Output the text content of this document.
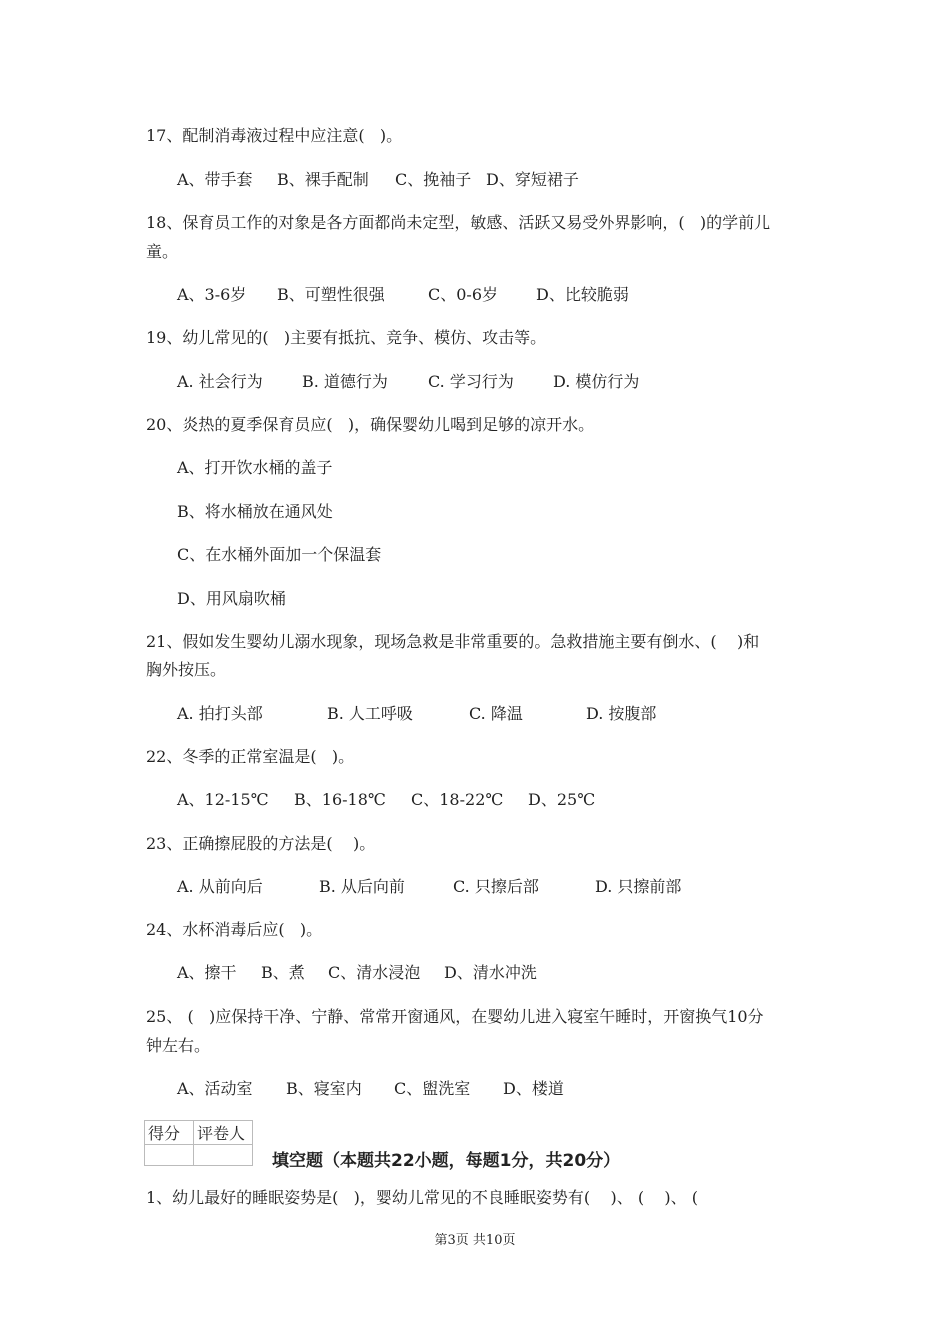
17、配制消毒液过程中应注意(   )。
A、带手套 B、裸手配制 C、挽袖子 D、穿短裙子
18、保育员工作的对象是各方面都尚未定型，敏感、活跃又易受外界影响，(   )的学前儿
童。
A、3-6岁 B、可塑性很强	C、0-6岁 D、比较脆弱
19、幼儿常见的(   )主要有抵抗、竞争、模仿、攻击等。
A. 社会行为 B. 道德行为	C. 学习行为 D. 模仿行为
20、炎热的夏季保育员应(   )，确保婴幼儿喝到足够的凉开水。
A、打开饮水桶的盖子
B、将水桶放在通风处
C、在水桶外面加一个保温套
D、用风扇吹桶
21、假如发生婴幼儿溺水现象，现场急救是非常重要的。急救措施主要有倒水、(    )和
胸外按压。
A. 拍打头部	B. 人工呼吸	C. 降温	D. 按腹部
22、冬季的正常室温是(   )。
A、12-15℃ B、16-18℃ C、18-22℃ D、25℃
23、正确擦屁股的方法是(    )。
A. 从前向后	B. 从后向前	C. 只擦后部	D. 只擦前部
24、水杯消毒后应(   )。
A、擦干 B、煮 C、清水浸泡 D、清水冲洗
25、 (   )应保持干净、宁静、常常开窗通风，在婴幼儿进入寝室午睡时，开窗换气10分
钟左右。
A、活动室 B、寝室内 C、盥洗室 D、楼道
得分	评卷人

填空题（本题共22小题，每题1分，共20分）
1、幼儿最好的睡眠姿势是(   )，婴幼儿常见的不良睡眠姿势有(    )、 (    )、 (
第3页 共10页
